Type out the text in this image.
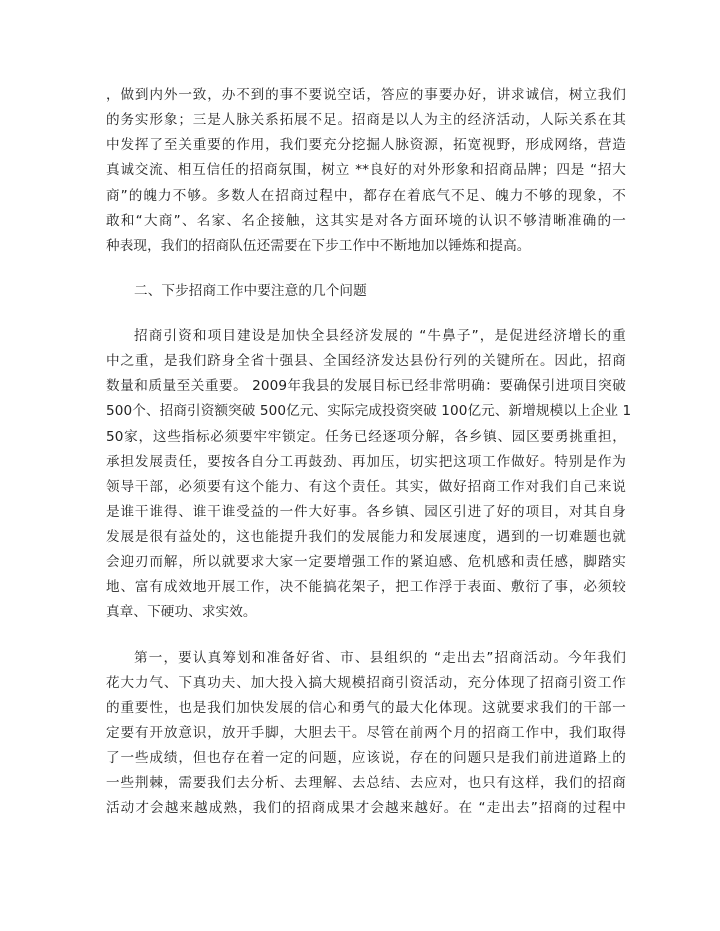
，做到内外一致，办不到的事不要说空话，答应的事要办好，讲求诚信，树立我们
的务实形象；三是人脉关系拓展不足。招商是以人为主的经济活动，人际关系在其
中发挥了至关重要的作用，我们要充分挖掘人脉资源，拓宽视野，形成网络，营造
真诚交流、相互信任的招商氛围，树立 **良好的对外形象和招商品牌；四是 “招大
商”的魄力不够。多数人在招商过程中，都存在着底气不足、魄力不够的现象，不
敢和“大商”、名家、名企接触，这其实是对各方面环境的认识不够清晰准确的一
种表现，我们的招商队伍还需要在下步工作中不断地加以锤炼和提高。
二、下步招商工作中要注意的几个问题
招商引资和项目建设是加快全县经济发展的 “牛鼻子”，是促进经济增长的重
中之重，是我们跻身全省十强县、全国经济发达县份行列的关键所在。因此，招商
数量和质量至关重要。 2009年我县的发展目标已经非常明确：要确保引进项目突破
500个、招商引资额突破 500亿元、实际完成投资突破 100亿元、新增规模以上企业 1
50家，这些指标必须要牢牢锁定。任务已经逐项分解，各乡镇、园区要勇挑重担，
承担发展责任，要按各自分工再鼓劲、再加压，切实把这项工作做好。特别是作为
领导干部，必须要有这个能力、有这个责任。其实，做好招商工作对我们自己来说
是谁干谁得、谁干谁受益的一件大好事。各乡镇、园区引进了好的项目，对其自身
发展是很有益处的，这也能提升我们的发展能力和发展速度，遇到的一切难题也就
会迎刃而解，所以就要求大家一定要增强工作的紧迫感、危机感和责任感，脚踏实
地、富有成效地开展工作，决不能搞花架子，把工作浮于表面、敷衍了事，必须较
真章、下硬功、求实效。
第一，要认真筹划和准备好省、市、县组织的 “走出去”招商活动。今年我们
花大力气、下真功夫、加大投入搞大规模招商引资活动，充分体现了招商引资工作
的重要性，也是我们加快发展的信心和勇气的最大化体现。这就要求我们的干部一
定要有开放意识，放开手脚，大胆去干。尽管在前两个月的招商工作中，我们取得
了一些成绩，但也存在着一定的问题，应该说，存在的问题只是我们前进道路上的
一些荆棘，需要我们去分析、去理解、去总结、去应对，也只有这样，我们的招商
活动才会越来越成熟，我们的招商成果才会越来越好。在 “走出去”招商的过程中
